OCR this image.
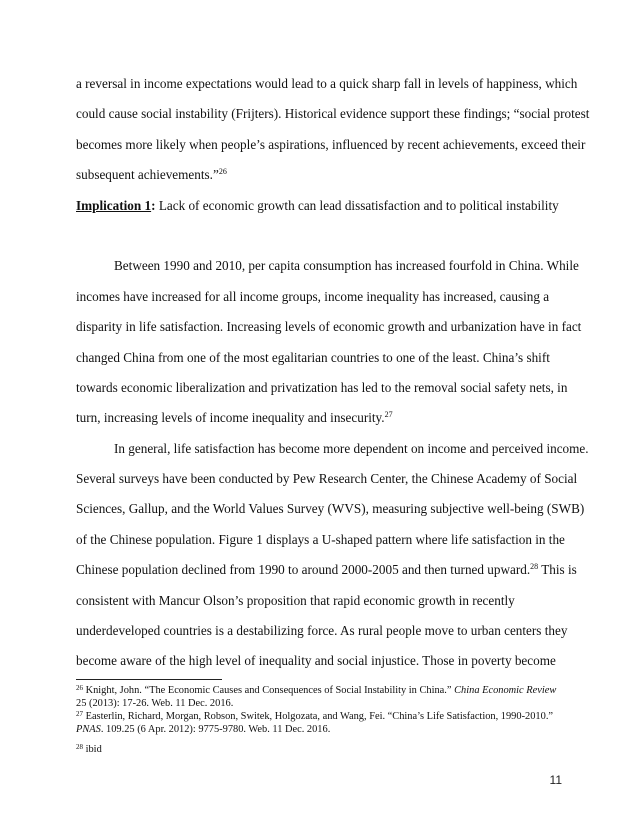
a reversal in income expectations would lead to a quick sharp fall in levels of happiness, which
could cause social instability (Frijters). Historical evidence support these findings; “social protest
becomes more likely when people’s aspirations, influenced by recent achievements, exceed their
subsequent achievements.”$^{26}$
Implication 1: Lack of economic growth can lead dissatisfaction and to political instability
Between 1990 and 2010, per capita consumption has increased fourfold in China. While
incomes have increased for all income groups, income inequality has increased, causing a
disparity in life satisfaction. Increasing levels of economic growth and urbanization have in fact
changed China from one of the most egalitarian countries to one of the least. China’s shift
towards economic liberalization and privatization has led to the removal social safety nets, in
turn, increasing levels of income inequality and insecurity.$^{27}$
In general, life satisfaction has become more dependent on income and perceived income.
Several surveys have been conducted by Pew Research Center, the Chinese Academy of Social
Sciences, Gallup, and the World Values Survey (WVS), measuring subjective well-being (SWB)
of the Chinese population. Figure 1 displays a U-shaped pattern where life satisfaction in the
Chinese population declined from 1990 to around 2000-2005 and then turned upward.$^{28}$ This is
consistent with Mancur Olson’s proposition that rapid economic growth in recently
underdeveloped countries is a destabilizing force. As rural people move to urban centers they
become aware of the high level of inequality and social injustice. Those in poverty become
$^{26}$ Knight, John. “The Economic Causes and Consequences of Social Instability in China.” China Economic Review
25 (2013): 17-26. Web. 11 Dec. 2016.
$^{27}$ Easterlin, Richard, Morgan, Robson, Switek, Holgozata, and Wang, Fei. “China’s Life Satisfaction, 1990-2010.”
PNAS. 109.25 (6 Apr. 2012): 9775-9780. Web. 11 Dec. 2016.
$^{28}$ ibid
11
